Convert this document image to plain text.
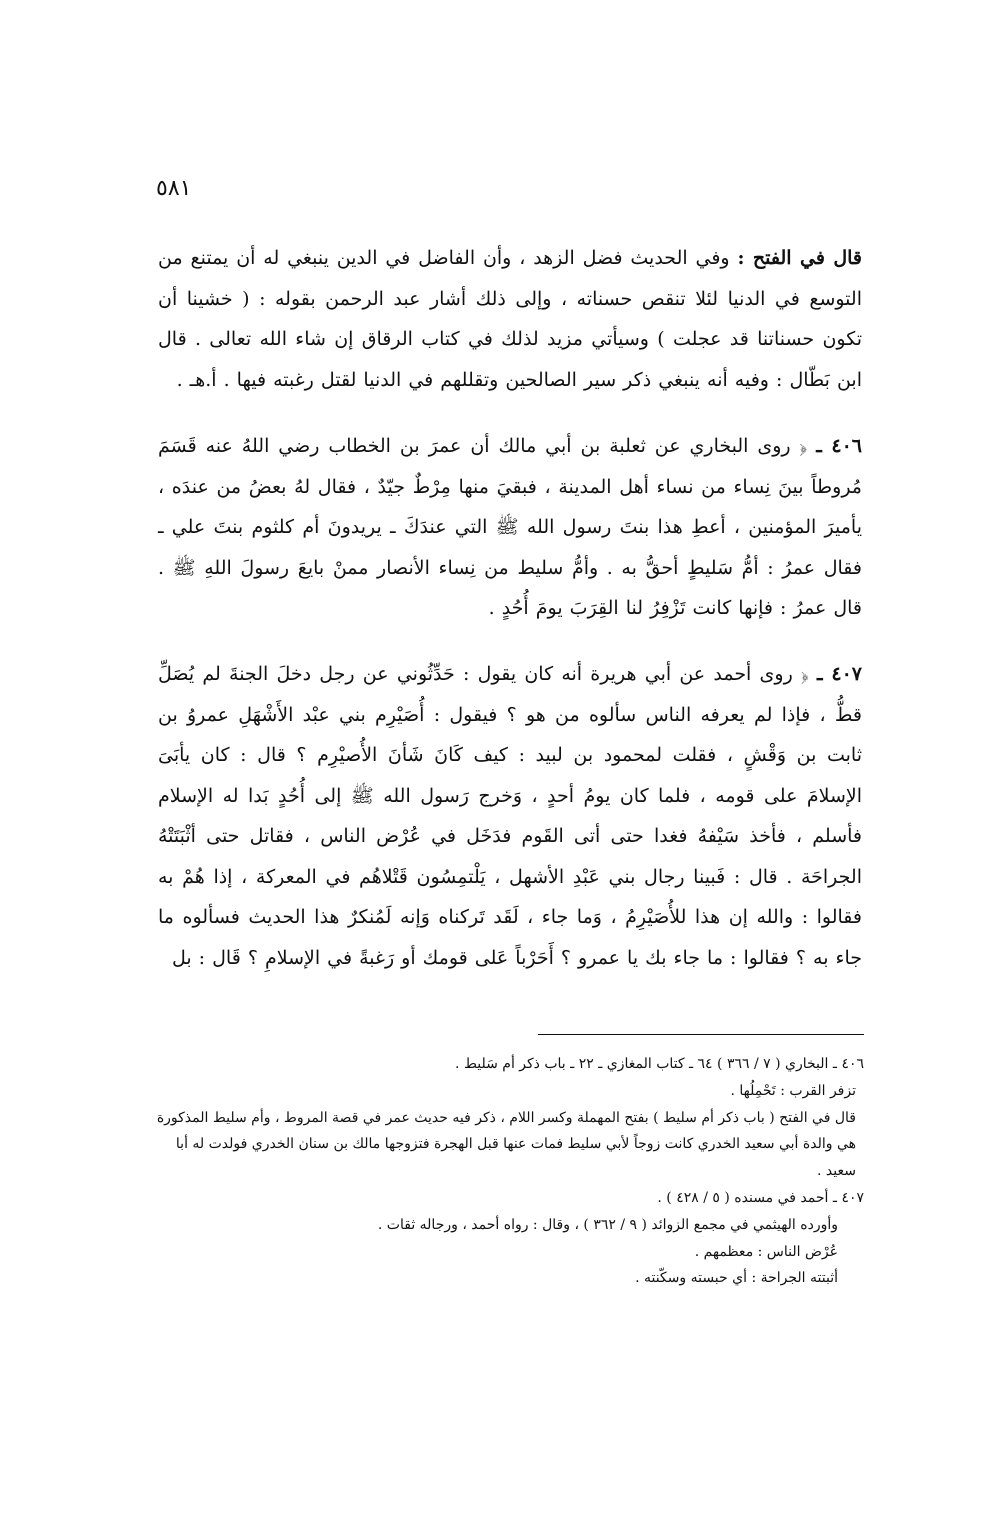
٥٨١

قال في الفتح : وفي الحديث فضل الزهد ، وأن الفاضل في الدين ينبغي له أن يمتنع من التوسع في الدنيا لئلا تنقص حسناته ، وإلى ذلك أشار عبد الرحمن بقوله : ( خشينا أن تكون حسناتنا قد عجلت ) وسيأتي مزيد لذلك في كتاب الرقاق إن شاء الله تعالى . قال ابن بَطّال : وفيه أنه ينبغي ذكر سير الصالحين وتقللهم في الدنيا لقتل رغبته فيها . أ.هـ .

٤٠٦ ـ ﴿ روى البخاري عن ثعلبة بن أبي مالك أن عمرَ بن الخطاب رضي اللهُ عنه قَسَمَ مُروطاً بينَ نِساء من نساء أهل المدينة ، فبقيَ منها مِرْطٌ جيّدٌ ، فقال لهُ بعضُ من عندَه ، يأميرَ المؤمنين ، أعطِ هذا بنتَ رسول الله ﷺ التي عندَكَ ـ يريدونَ أم كلثوم بنتَ علي ـ فقال عمرُ : أمُّ سَليطٍ أحقُّ به . وأمُّ سليط من نِساء الأنصار ممنْ بايعَ رسولَ اللهِ ﷺ . قال عمرُ : فإنها كانت تَزْفِرُ لنا القِرَبَ يومَ أُحُدٍ .

٤٠٧ ـ ﴿ روى أحمد عن أبي هريرة أنه كان يقول : حَدِّثُوني عن رجل دخلَ الجنةَ لم يُصَلِّ قطُّ ، فإذا لم يعرفه الناس سألوه من هو ؟ فيقول : أُصَيْرِم بني عبْد الأَشْهَلِ عمروُ بن ثابت بن وَقْشٍ ، فقلت لمحمود بن لبيد : كيف كَانَ شَأنَ الأُصيْرِم ؟ قال : كان يأبَىَ الإسلامَ على قومه ، فلما كان يومُ أحدٍ ، وَخرج رَسول الله ﷺ إلى أُحُدٍ بَدا له الإسلام فأسلم ، فأخذ سَيْفهُ فغدا حتى أتى القَوم فدَخَل في عُرْض الناس ، فقاتل حتى أثْبَتَتْهُ الجراحَة . قال : فَبينا رجال بني عَبْدِ الأشهل ، يَلْتمِسُون قَتْلاهُم في المعركة ، إذا هُمْ به فقالوا : والله إن هذا للأُصَيْرِمُ ، وَما جاء ، لَقَد تَركناه وَإنه لَمُنكرٌ هذا الحديث فسألوه ما جاء به ؟ فقالوا : ما جاء بك يا عمرو ؟ أَحَرْباً عَلى قومك أو رَغبةً في الإسلامِ ؟ قَال : بل

٤٠٦ ـ البخاري ( ٧ / ٣٦٦ ) ٦٤ ـ كتاب المغازي ـ ٢٢ ـ باب ذكر أم سَليط .
تزفر القرب : تَحْمِلُها .
قال في الفتح ( باب ذكر أم سليط ) بفتح المهملة وكسر اللام ، ذكر فيه حديث عمر في قصة المروط ، وأم سليط المذكورة هي والدة أبي سعيد الخدري كانت زوجاً لأبي سليط فمات عنها قبل الهجرة فتزوجها مالك بن سنان الخدري فولدت له أبا سعيد .
٤٠٧ ـ أحمد في مسنده ( ٥ / ٤٢٨ ) .
وأورده الهيثمي في مجمع الزوائد ( ٩ / ٣٦٢ ) ، وقال : رواه أحمد ، ورجاله ثقات .
عُرْض الناس : معظمهم .
أثبتته الجراحة : أي حبسته وسكّنته .
